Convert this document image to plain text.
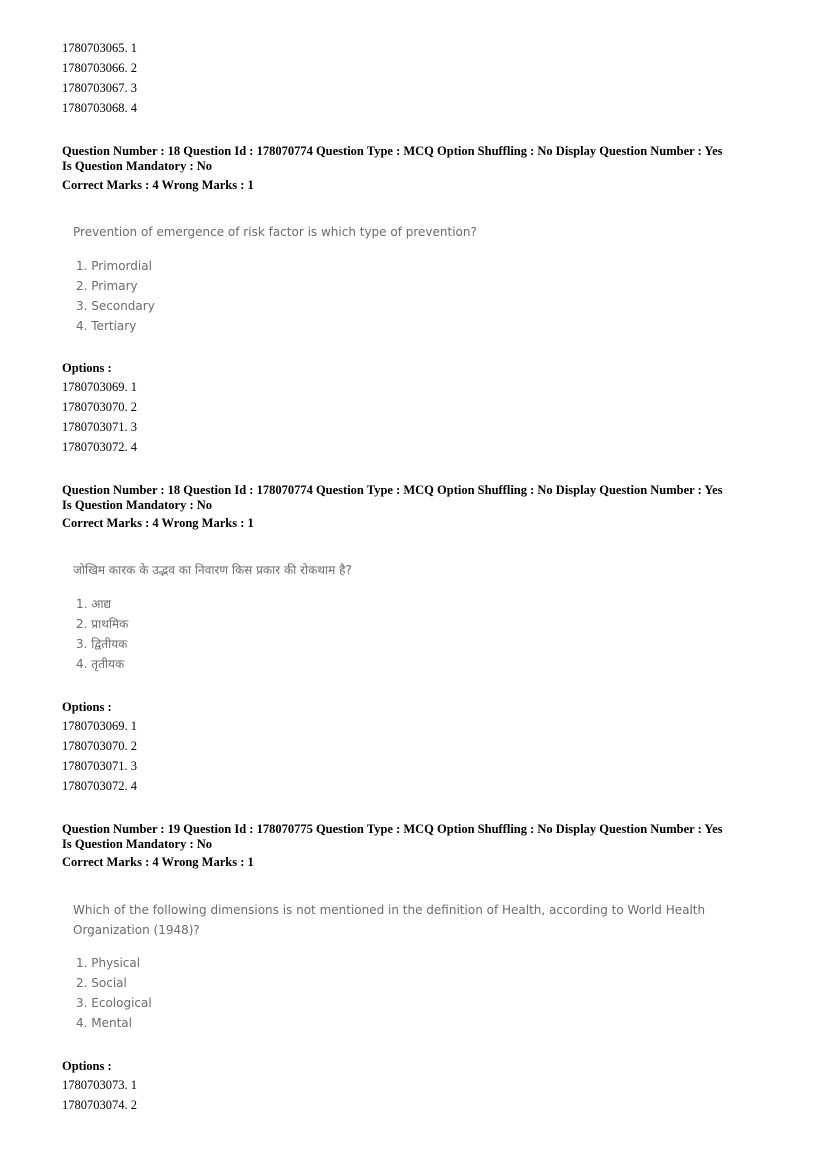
1780703065. 1
1780703066. 2
1780703067. 3
1780703068. 4
Question Number : 18 Question Id : 178070774 Question Type : MCQ Option Shuffling : No Display Question Number : Yes
Is Question Mandatory : No
Correct Marks : 4 Wrong Marks : 1
Prevention of emergence of risk factor is which type of prevention?
1. Primordial
2. Primary
3. Secondary
4. Tertiary
Options :
1780703069. 1
1780703070. 2
1780703071. 3
1780703072. 4
Question Number : 18 Question Id : 178070774 Question Type : MCQ Option Shuffling : No Display Question Number : Yes
Is Question Mandatory : No
Correct Marks : 4 Wrong Marks : 1
जोखिम कारक के उद्भव का निवारण किस प्रकार की रोकथाम है?
1. आद्य
2. प्राथमिक
3. द्वितीयक
4. तृतीयक
Options :
1780703069. 1
1780703070. 2
1780703071. 3
1780703072. 4
Question Number : 19 Question Id : 178070775 Question Type : MCQ Option Shuffling : No Display Question Number : Yes
Is Question Mandatory : No
Correct Marks : 4 Wrong Marks : 1
Which of the following dimensions is not mentioned in the definition of Health, according to World Health
Organization (1948)?
1. Physical
2. Social
3. Ecological
4. Mental
Options :
1780703073. 1
1780703074. 2
